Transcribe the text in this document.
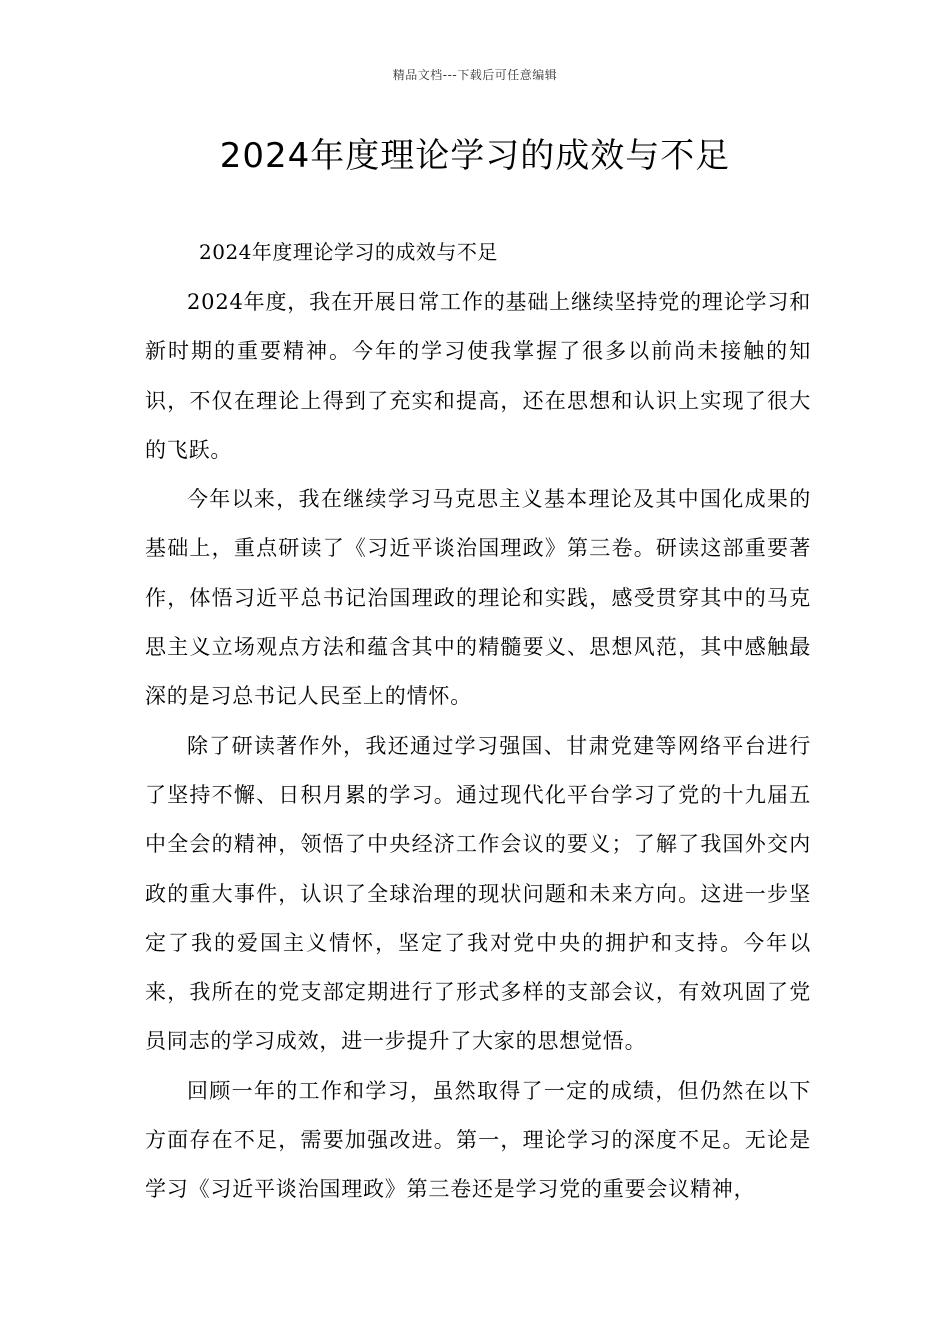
精品文档---下载后可任意编辑
2024年度理论学习的成效与不足
2024年度理论学习的成效与不足

2024年度，我在开展日常工作的基础上继续坚持党的理论学习和新时期的重要精神。今年的学习使我掌握了很多以前尚未接触的知识，不仅在理论上得到了充实和提高，还在思想和认识上实现了很大的飞跃。

今年以来，我在继续学习马克思主义基本理论及其中国化成果的基础上，重点研读了《习近平谈治国理政》第三卷。研读这部重要著作，体悟习近平总书记治国理政的理论和实践，感受贯穿其中的马克思主义立场观点方法和蕴含其中的精髓要义、思想风范，其中感触最深的是习总书记人民至上的情怀。

除了研读著作外，我还通过学习强国、甘肃党建等网络平台进行了坚持不懈、日积月累的学习。通过现代化平台学习了党的十九届五中全会的精神，领悟了中央经济工作会议的要义；了解了我国外交内政的重大事件，认识了全球治理的现状问题和未来方向。这进一步坚定了我的爱国主义情怀，坚定了我对党中央的拥护和支持。今年以来，我所在的党支部定期进行了形式多样的支部会议，有效巩固了党员同志的学习成效，进一步提升了大家的思想觉悟。

回顾一年的工作和学习，虽然取得了一定的成绩，但仍然在以下方面存在不足，需要加强改进。第一，理论学习的深度不足。无论是学习《习近平谈治国理政》第三卷还是学习党的重要会议精神，
